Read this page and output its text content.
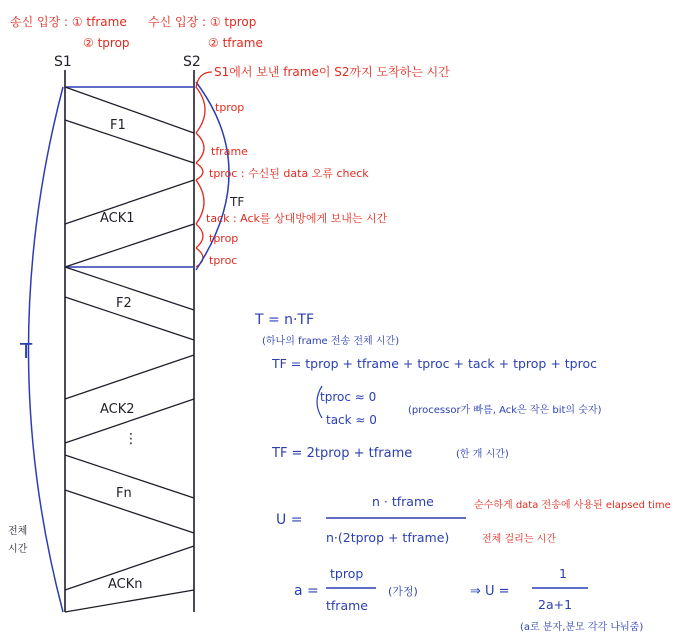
송신 입장 : ① tframe
② tprop
수신 입장 : ① tprop
② tframe
S1	S2
F1
ACK1
F2
ACK2
⋮
Fn
ACKn
S1에서 보낸 frame이 S2까지 도착하는 시간
tprop
tframe
tproc : 수신된 data 오류 check
TF
tack : Ack를 상대방에게 보내는 시간
tprop
tproc
T
전체
시간
T = n·TF
(하나의 frame 전송 전체 시간)
TF = tprop + tframe + tproc + tack + tprop + tproc
tproc ≈ 0
tack ≈ 0
(processor가 빠름, Ack은 작은 bit의 숫자)
TF = 2tprop + tframe	(한 개 시간)
U =
n · tframe
n·(2tprop + tframe)
순수하게 data 전송에 사용된 elapsed time
전체 걸리는 시간
a =
tprop
tframe
(가정)	⇒ U =
1
2a+1
(a로 분자,분모 각각 나눠줌)
